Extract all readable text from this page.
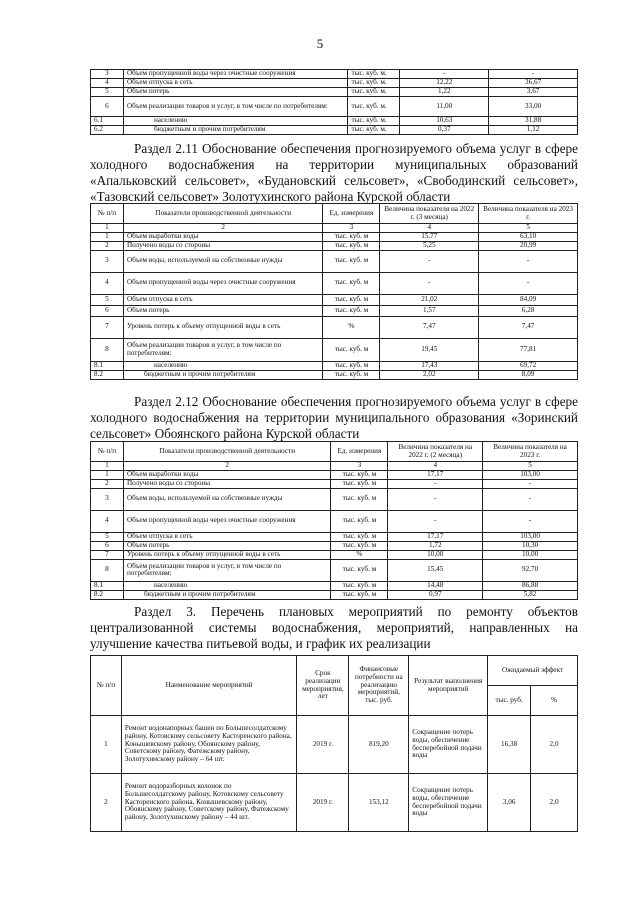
5
3	Объем пропущенной воды через очистные сооружения	тыс. куб. м.	-	-
4	Объем отпуска в сеть	тыс. куб. м.	12,22	36,67
5	Объем потерь	тыс. куб. м.	1,22	3,67
6	Объем реализации товаров и услуг, в том числе по потребителям:	тыс. куб. м.	11,00	33,00
6.1	населению	тыс. куб. м.	10,63	31,88
6.2	бюджетным и прочим потребителям	тыс. куб. м.	0,37	1,12
Раздел 2.11 Обоснование обеспечения прогнозируемого объема услуг в сфере холодного водоснабжения на территории муниципальных образований «Апальковский сельсовет», «Будановский сельсовет», «Свободинский сельсовет», «Тазовский сельсовет» Золотухинского района Курской области
№ п/п	Показатели производственной деятельности	Ед. измерения	Величина показателя на 2022 г. (3 месяца)	Величина показателя на 2023 г.
1	2	3	4	5
1	Объем выработки воды	тыс. куб. м	15,77	63,10
2	Получено воды со стороны	тыс. куб. м	5,25	20,99
3	Объем воды, используемой на собственные нужды	тыс. куб. м	-	-
4	Объем пропущенной воды через очистные сооружения	тыс. куб. м	-	-
5	Объем отпуска в сеть	тыс. куб. м	21,02	84,09
6	Объем потерь	тыс. куб. м	1,57	6,28
7	Уровень потерь к объему отпущенной воды в сеть	%	7,47	7,47
8	Объем реализации товаров и услуг, в том числе по потребителям:	тыс. куб. м	19,45	77,81
8.1	населению	тыс. куб. м	17,43	69,72
8.2	бюджетным и прочим потребителям	тыс. куб. м	2,02	8,09
Раздел 2.12 Обоснование обеспечения прогнозируемого объема услуг в сфере холодного водоснабжения на территории муниципального образования «Зоринский сельсовет» Обоянского района Курской области
№ п/п	Показатели производственной деятельности	Ед. измерения	Величина показателя на 2022 г. (2 месяца)	Величина показателя на 2023 г.
1	2	3	4	5
1	Объем выработки воды	тыс. куб. м	17,17	103,00
2	Получено воды со стороны	тыс. куб. м	-	-
3	Объем воды, используемой на собственные нужды	тыс. куб. м	-	-
4	Объем пропущенной воды через очистные сооружения	тыс. куб. м	-	-
5	Объем отпуска в сеть	тыс. куб. м	17,17	103,00
6	Объем потерь	тыс. куб. м	1,72	10,30
7	Уровень потерь к объему отпущенной воды в сеть	%	10,00	10,00
8	Объем реализации товаров и услуг, в том числе по потребителям:	тыс. куб. м	15,45	92,70
8.1	населению	тыс. куб. м	14,48	86,88
8.2	бюджетным и прочим потребителям	тыс. куб. м	0,97	5,82
Раздел 3. Перечень плановых мероприятий по ремонту объектов централизованной системы водоснабжения, мероприятий, направленных на улучшение качества питьевой воды, и график их реализации
№ п/п	Наименование мероприятий	Срок реализации мероприятия, лет	Финансовые потребности на реализацию мероприятий, тыс. руб.	Результат выполнения мероприятий	Ожидаемый эффект	
					тыс. руб.	%
1	Ремонт водонапорных башен по Большесолдатскому району, Котовскому сельсовету Касторенского района, Конышевскому району, Обоянскому району, Советскому району, Фатежскому району, Золотухинскому району – 64 шт.	2019 г.	819,20	Сокращение потерь воды, обеспечение бесперебойной подачи воды	16,38	2,0
2	Ремонт водоразборных колонок по Большесолдатскому району, Котовскому сельсовету Касторенского района, Конышевскому району, Обоянскому району, Советскому району, Фатежскому району, Золотухинскому району – 44 шт.	2019 г.	153,12	Сокращение потерь воды, обеспечение бесперебойной подачи воды	3,06	2,0
